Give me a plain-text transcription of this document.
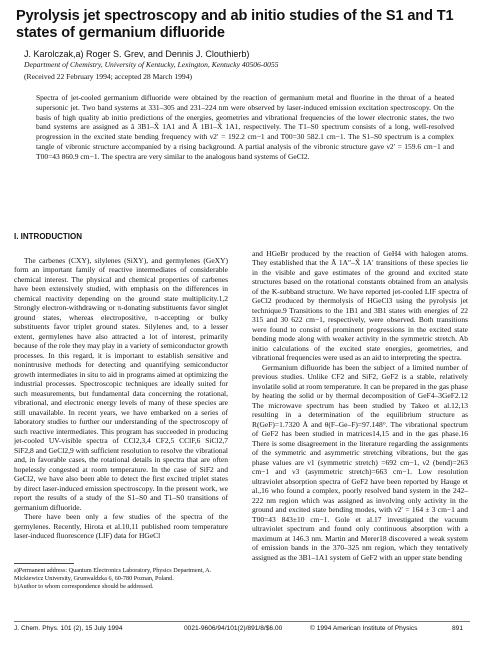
Pyrolysis jet spectroscopy and ab initio studies of the S1 and T1 states of germanium difluoride
J. Karolczak,a) Roger S. Grev, and Dennis J. Clouthierb)
Department of Chemistry, University of Kentucky, Lexington, Kentucky 40506-0055
(Received 22 February 1994; accepted 28 March 1994)
Spectra of jet-cooled germanium difluoride were obtained by the reaction of germanium metal and fluorine in the throat of a heated supersonic jet. Two band systems at 331–305 and 231–224 nm were observed by laser-induced emission excitation spectroscopy. On the basis of high quality ab initio predictions of the energies, geometries and vibrational frequencies of the lower electronic states, the two band systems are assigned as ã 3B1–X̃ 1A1 and Ã 1B1–X̃ 1A1, respectively. The T1–S0 spectrum consists of a long, well-resolved progression in the excited state bending frequency with ν2′ = 192.2 cm−1 and T00=30 582.1 cm−1. The S1–S0 spectrum is a complex tangle of vibronic structure accompanied by a rising background. A partial analysis of the vibronic structure gave ν2′ = 159.6 cm−1 and T00=43 860.9 cm−1. The spectra are very similar to the analogous band systems of GeCl2.
I. INTRODUCTION

The carbenes (CXY), silylenes (SiXY), and germylenes (GeXY) form an important family of reactive intermediates of considerable chemical interest. The physical and chemical properties of carbenes have been extensively studied, with emphasis on the differences in chemical reactivity depending on the ground state multiplicity.1,2 Strongly electron-withdrawing or π-donating substituents favor singlet ground states, whereas electropositive, π-accepting or bulky substituents favor triplet ground states. Silylenes and, to a lesser extent, germylenes have also attracted a lot of interest, primarily because of the role they may play in a variety of semiconductor growth processes. In this regard, it is important to establish sensitive and nonintrusive methods for detecting and quantifying semiconductor growth intermediates in situ to aid in programs aimed at optimizing the industrial processes. Spectroscopic techniques are ideally suited for such measurements, but fundamental data concerning the rotational, vibrational, and electronic energy levels of many of these species are still unavailable. In recent years, we have embarked on a series of laboratory studies to further our understanding of the spectroscopy of such reactive intermediates. This program has succeeded in producing jet-cooled UV-visible spectra of CCl2,3,4 CF2,5 CClF,6 SiCl2,7 SiF2,8 and GeCl2,9 with sufficient resolution to resolve the vibrational and, in favorable cases, the rotational details in spectra that are often hopelessly congested at room temperature. In the case of SiF2 and GeCl2, we have also been able to detect the first excited triplet states by direct laser-induced emission spectroscopy. In the present work, we report the results of a study of the S1–S0 and T1–S0 transitions of germanium difluoride.

There have been only a few studies of the spectra of the germylenes. Recently, Hirota et al.10,11 published room temperature laser-induced fluorescence (LIF) data for HGeCl

a)Permanent address: Quantum Electronics Laboratory, Physics Department, A. Mickiewicz University, Grunwaldzka 6, 60-780 Poznan, Poland.
b)Author to whom correspondence should be addressed.

and HGeBr produced by the reaction of GeH4 with halogen atoms. They established that the Ã 1A″–X̃ 1A′ transitions of these species lie in the visible and gave estimates of the ground and excited state structures based on the rotational constants obtained from an analysis of the K-subband structure. We have reported jet-cooled LIF spectra of GeCl2 produced by thermolysis of HGeCl3 using the pyrolysis jet technique.9 Transitions to the 1B1 and 3B1 states with energies of 22 315 and 30 622 cm−1, respectively, were observed. Both transitions were found to consist of prominent progressions in the excited state bending mode along with weaker activity in the symmetric stretch. Ab initio calculations of the excited state energies, geometries, and vibrational frequencies were used as an aid to interpreting the spectra.

Germanium difluoride has been the subject of a limited number of previous studies. Unlike CF2 and SiF2, GeF2 is a stable, relatively involatile solid at room temperature. It can be prepared in the gas phase by heating the solid or by thermal decomposition of GeF4–3GeF2.12 The microwave spectrum has been studied by Takeo et al.12,13 resulting in a determination of the equilibrium structure as R(GeF)=1.7320 Å and θ(F–Ge–F)=97.148°. The vibrational spectrum of GeF2 has been studied in matrices14,15 and in the gas phase.16 There is some disagreement in the literature regarding the assignments of the symmetric and asymmetric stretching vibrations, but the gas phase values are ν1 (symmetric stretch) =692 cm−1, ν2 (bend)=263 cm−1 and ν3 (asymmetric stretch)=663 cm−1. Low resolution ultraviolet absorption spectra of GeF2 have been reported by Hauge et al.,16 who found a complex, poorly resolved band system in the 242–222 nm region which was assigned as involving only activity in the ground and excited state bending modes, with ν2′ = 164 ± 3 cm−1 and T00=43 843±10 cm−1. Gole et al.17 investigated the vacuum ultraviolet spectrum and found only continuous absorption with a maximum at 146.3 nm. Martin and Merer18 discovered a weak system of emission bands in the 370–325 nm region, which they tentatively assigned as the 3B1–1A1 system of GeF2 with an upper state bending

J. Chem. Phys. 101 (2), 15 July 1994	0021-9606/94/101(2)/891/8/$6.00	© 1994 American Institute of Physics	891
